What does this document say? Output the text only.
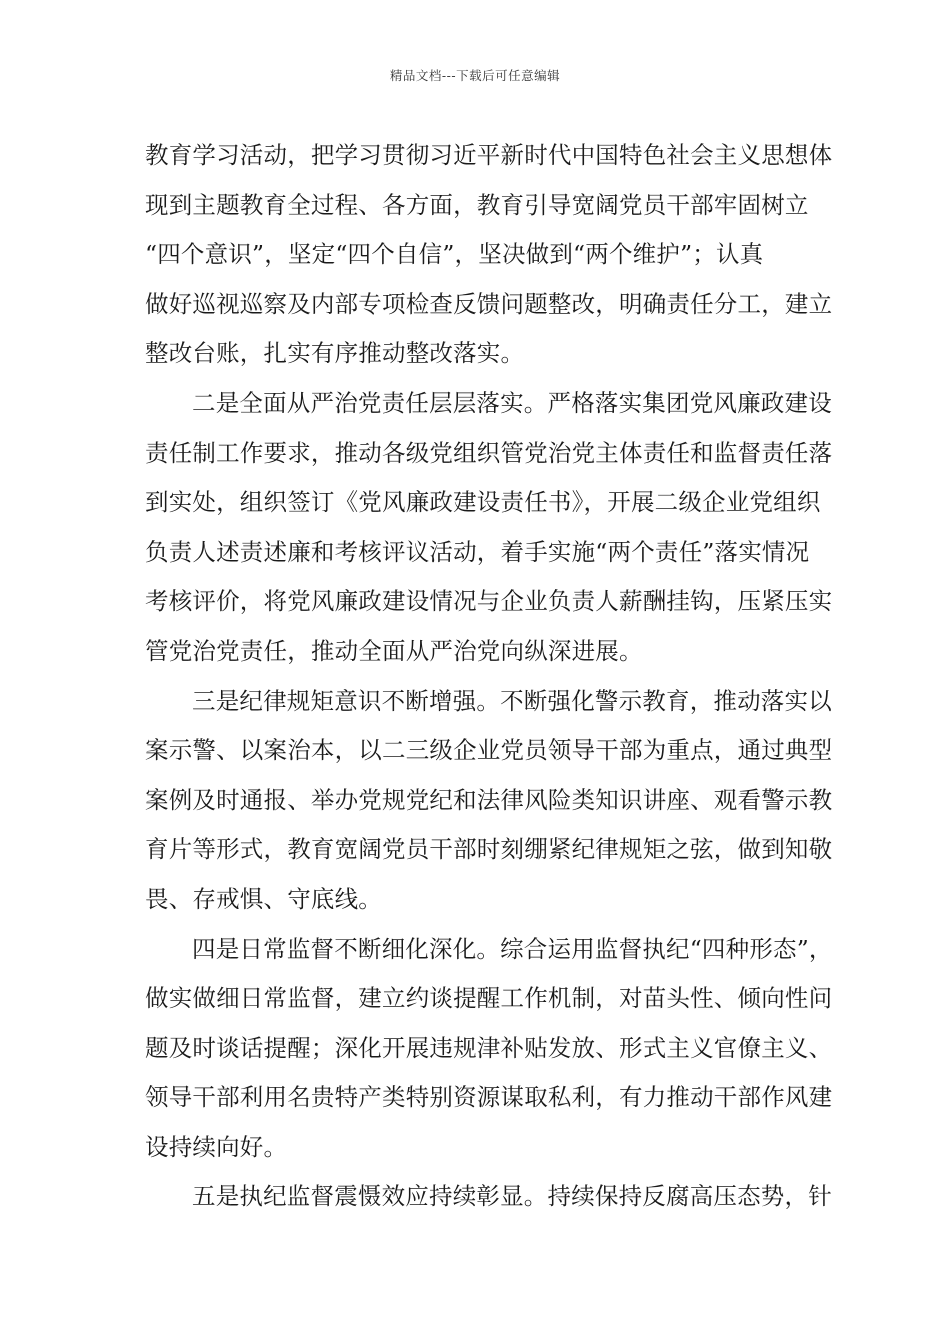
精品文档---下载后可任意编辑
教育学习活动，把学习贯彻习近平新时代中国特色社会主义思想体
现到主题教育全过程、各方面，教育引导宽阔党员干部牢固树立
“四个意识”，坚定“四个自信”，坚决做到“两个维护”；认真
做好巡视巡察及内部专项检查反馈问题整改，明确责任分工，建立
整改台账，扎实有序推动整改落实。
二是全面从严治党责任层层落实。严格落实集团党风廉政建设
责任制工作要求，推动各级党组织管党治党主体责任和监督责任落
到实处，组织签订《党风廉政建设责任书》，开展二级企业党组织
负责人述责述廉和考核评议活动，着手实施“两个责任”落实情况
考核评价，将党风廉政建设情况与企业负责人薪酬挂钩，压紧压实
管党治党责任，推动全面从严治党向纵深进展。
三是纪律规矩意识不断增强。不断强化警示教育，推动落实以
案示警、以案治本，以二三级企业党员领导干部为重点，通过典型
案例及时通报、举办党规党纪和法律风险类知识讲座、观看警示教
育片等形式，教育宽阔党员干部时刻绷紧纪律规矩之弦，做到知敬
畏、存戒惧、守底线。
四是日常监督不断细化深化。综合运用监督执纪“四种形态”，
做实做细日常监督，建立约谈提醒工作机制，对苗头性、倾向性问
题及时谈话提醒；深化开展违规津补贴发放、形式主义官僚主义、
领导干部利用名贵特产类特别资源谋取私利，有力推动干部作风建
设持续向好。
五是执纪监督震慑效应持续彰显。持续保持反腐高压态势，针
